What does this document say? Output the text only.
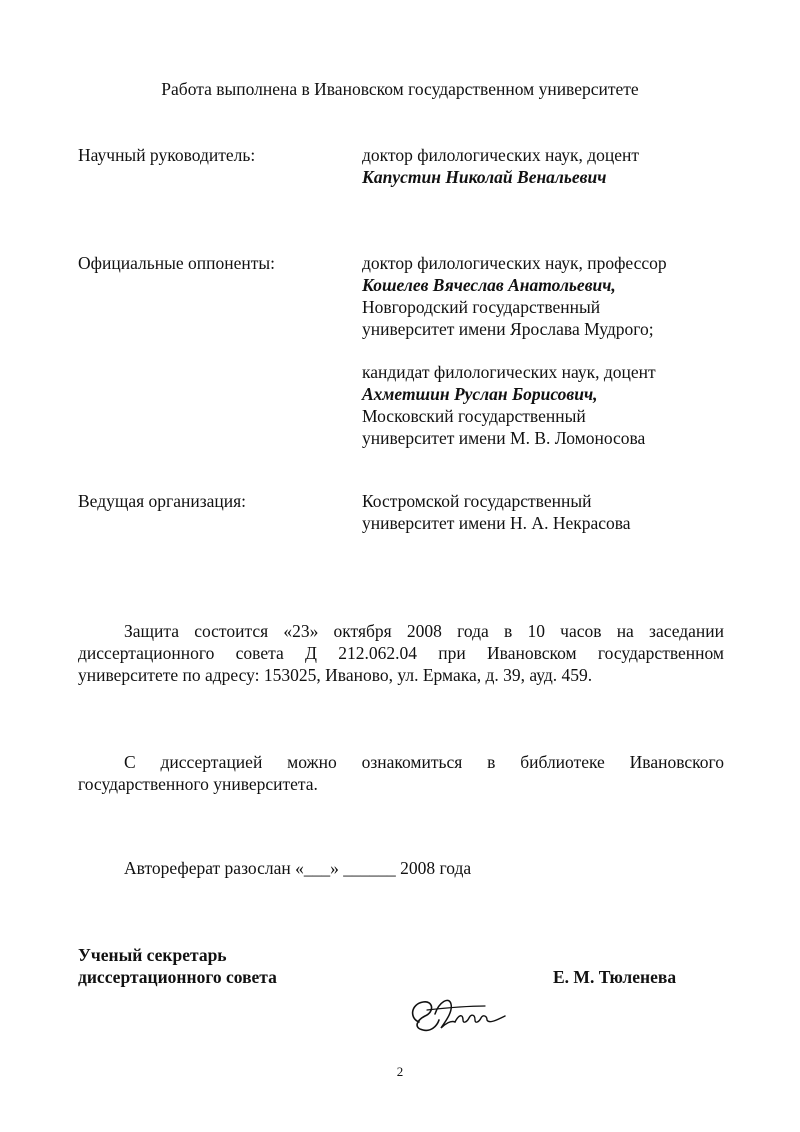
Работа выполнена в Ивановском государственном университете
Научный руководитель:	доктор филологических наук, доцент
Капустин Николай Венальевич
Официальные оппоненты:	доктор филологических наук, профессор
Кошелев Вячеслав Анатольевич,
Новгородский государственный
университет имени Ярослава Мудрого;
кандидат филологических наук, доцент
Ахметшин Руслан Борисович,
Московский государственный
университет имени М. В. Ломоносова
Ведущая организация:	Костромской государственный
университет имени Н. А. Некрасова
Защита состоится «23» октября 2008 года в 10 часов на заседании диссертационного совета Д 212.062.04 при Ивановском государственном университете по адресу: 153025, Иваново, ул. Ермака, д. 39, ауд. 459.
С диссертацией можно ознакомиться в библиотеке Ивановского государственного университета.
Автореферат разослан «___» ______ 2008 года
Ученый секретарь
диссертационного совета	Е. М. Тюленева
2
